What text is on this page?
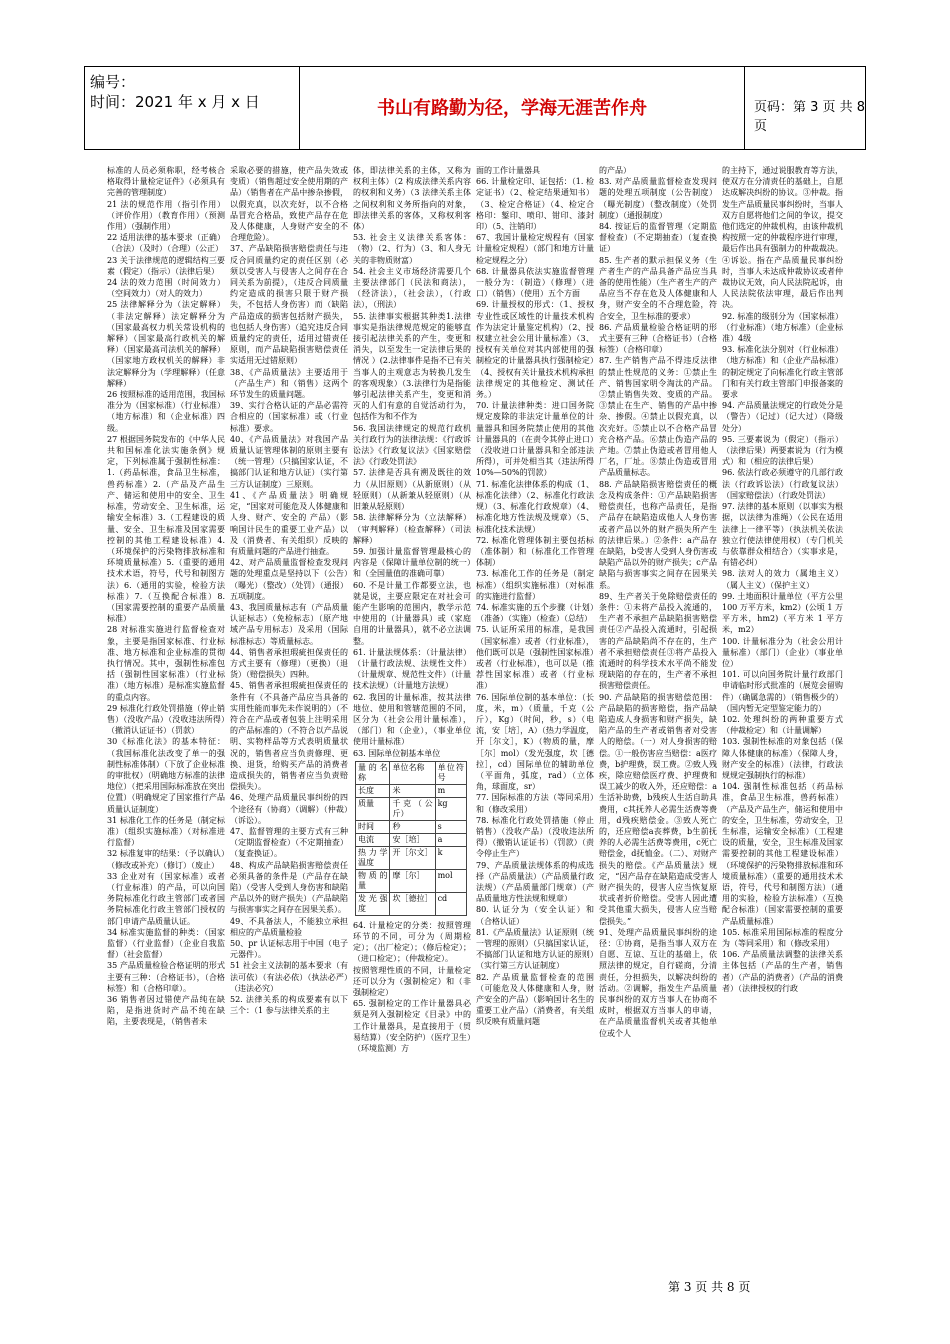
编号：

时间：2021 年 x 月 x 日	书山有路勤为径，学海无涯苦作舟	页码：第 3 页 共 8 页

标准的人员必须称职，经考核合格取得计量检定证件》（必须具有完善的管理制度）
21 法的规范作用（指引作用）（评价作用）（教育作用）（预测作用）（强制作用）
22 适用法律的基本要求（正确）（合法）（及时）（合理）（公正）
23 关于法律规范的逻辑结构三要素（假定）（指示）（法律后果）
24 法的效力范围（时间效力）（空间效力）（对人的效力）
25 法律解释分为（法定解释）（非法定解释）法定解释分为（国家最高权力机关常设机构的解释）（国家最高行政机关的解释）（国家最高司法机关的解释）（国家地方政权机关的解释）非法定解释分为（学理解释）（任意解释）
26 按照标准的适用范围，我国标准分为（国家标准）（行业标准）（地方标准）和（企业标准）四级。
27 根据国务院发布的《中华人民共和国标准化法实施条例》规定，下列标准属于强制性标准：1.（药品标准，食品卫生标准，兽药标准）2.（产品及产品生产、储运和使用中的安全、卫生标准，劳动安全、卫生标准，运输安全标准）3.（工程建设的质量、安全、卫生标准及国家需要控制的其他工程建设标准）4.（环境保护的污染物排放标准和环境质量标准）5.（重要的通用技术术语，符号，代号和制图方法）6.（通用的实验，检验方法标准）7.（互换配合标准）8.（国家需要控制的重要产品质量标准）
28 对标准实施进行监督检查对象，主要是指国家标准、行业标准、地方标准和企业标准的贯彻执行情况。其中，强制性标准包括（强制性国家标准）（行业标准）（地方标准）是标准实施监督的重点内容。
29 标准化行政处罚措施（停止销售）（没收产品）（没收违法所得）（撤消认证证书）（罚款）
30《标准化法》的基本特征：（我国标准化法改变了单一的强制性标准体制）（下放了企业标准的审批权）（明确地方标准的法律地位）（把采用国际标准放在突出位置）（明确规定了国家推行产品质量认证制度）
31 标准化工作的任务是（制定标准）（组织实施标准）（对标准进行监督）
32 标准复审的结果：（予以确认）（修改或补充）（修订）（废止）
33 企业对有（国家标准）或者（行业标准）的产品，可以向国务院标准化行政主管部门或者国务院标准化行政主管部门授权的部门申请产品质量认证。
34 标准实施监督的种类：（国家监督）（行业监督）（企业自我监督）（社会监督）
35 产品质量检验合格证明的形式主要有三种：（合格证书），（合格标签）和（合格印章）。
36 销售者因过错使产品纯在缺陷，是指进货时产品不纯在缺陷，主要表现是，（销售者未

采取必要的措施，使产品失效或变质）（销售超过安全使用期的产品）（销售者在产品中掺杂掺假，以假充真，以次充好，以不合格品冒充合格品，致使产品存在危及人体健康，人身财产安全的不合理危险）。
37、产品缺陷损害赔偿责任与违反合同质量约定的责任区别（必须以受害人与侵害人之间存在合同关系为前提），（违反合同质量约定造成的损害只限于财产损失，不包括人身伤害）而（缺陷产品造成的损害包括财产损失，也包括人身伤害）（追究违反合同质量约定的责任，适用过错责任原则，而产品缺陷损害赔偿责任实适用无过错原则）
38、《产品质量法》主要适用于（产品生产）和（销售）这两个环节发生的质量问题。
39、实行合格认证的产品必需符合相应的（国家标准）或（行业标准）要求。
40、《产品质量法》对我国产品质量认证管理体制的原则主要有（统一管理）（只搞国家认证，不搞部门认证和地方认证）（实行第三方认证制度）三原则。
41、《产品质量法》明确规定，“国家对可能危及人体健康和人身、财产、安全的 产品）（影响国计民生的重要工业产品）以及（消费者、有关组织）反映的有质量问题的产品进行抽查。
42、对产品质量监督检查发现问题的处理重点是坚持以下（公告）（曝光）（整改）（处罚）（通报）五项制度。
43、我国质量标志有（产品质量认证标志）（免检标志）（原产地域产品专用标志）及采用（国际标准标志）等质量标志。
44、销售者承担瑕疵担保责任的方式主要有（修理）（更换）（退货）（赔偿损失）四种。
45、销售者承担瑕疵担保责任的条件有（不具备产品应当具备的实用性能而事先未作说明的）（不符合在产品或者包装上注明采用的产品标准的）（不符合以产品说明、实物样品等方式表明质量状况的，销售者应当负责修理、更换、退货，给购买产品的消费者造成损失的，销售者应当负责赔偿损失）。
46、处理产品质量民事纠纷的四个途径有（协商）（调解）（仲裁）（诉讼）。
47、监督管理的主要方式有三种（定期监督检查）（不定期抽查）（复查换证）。
48、构成产品缺陷损害赔偿责任必须具备的条件是（产品存在缺陷）（受害人受到人身伤害和缺陷产品以外的财产损失）（产品缺陷与损害事实之间存在因果关系）。
49、不具备法人，不能独立承担相应的产品质量检验
50、pr 认证标志用于中国（电子元器件）。
51 社会主义法制的基本要求（有法可依）（有法必依）（执法必严）（违法必究）
52. 法律关系的构成要素有以下三个：（1 参与法律关系的主

体，即法律关系的主体，又称为权利主体）（2 构成法律关系内容的权利和义务）（3 法律关系主体之间权利和义务所指向的对象，即法律关系的客体，又称权利客体）
53. 社会主义法律关系客体：（物）（2、行为）（3、和人身无关的非物质财富）
54. 社会主义市场经济需要几个主要法律部门（民法和商法），（经济法），（社会法），（行政法），（刑法）
55. 法律事实根据其种类1.法律事实是指法律规范规定的能够直接引起法律关系的产生，变更和消失，以至发生一定法律后果的情况 ）(2.法律事件是指不已有关当事人的主观意志为转换几发生的客观现象）（3.法律行为是指能够引起法律关系产生，变更和消灭的人们有意的自觉活动行为，包括作为和不作为
56. 我国法律规定的规范行政机关行政行为的法律法规：《行政诉讼法》《行政复议法》《国家赔偿法》《行政处罚法》
57. 法律是否具有溯及既往的效力（从旧原则）（从新原则）（从轻原则）（从新兼从轻原则）（从旧兼从轻原则）
58. 法律解释分为（立法解释）（审判解释）（检查解释）（司法解释）
59. 加强计量监督管理最核心的内容是（保障计量单位制的统一）和（全国量值的准确可靠）
60. 不是计量工作都要立法，也就是说，主要应限定在对社会可能产生影响的范围内，教学示范中使用的（计量器具）或（家庭自用的计量器具），就不必立法调整。
61. 计量法规体系：（计量法律）（计量行政法规、法规性文件）（计量规章、规范性文件）（计量技术法规）（计量地方法规）
62. 我国的计量标准，按其法律地位、使用和管辖范围的不同，区分为（社会公用计量标准），（部门）和（企业），（事业单位使用计量标准）
63. 国际单位制基本单位

量的名称	单位名称	单位符号
长度	米	m
质量	千克（公斤）	kg
时间	秒	s
电流	安［培］	a
热力学温度	开［尔文］	k
物质的量	摩［尔］	mol
发光强度	坎［德拉］	cd

64. 计量检定的分类：按照管理环节的不同，可分为（周期检定）；（出厂检定）；（修后检定）；（进口检定）；（仲裁检定）。
按照管理性质的不同，计量检定还可以分为（强制检定）和（非强制检定）
65. 强制检定的工作计量器具必须是列入强制检定《目录》中的工作计量器具，是直接用于（贸易结算）（安全防护）（医疗卫生）（环境监测）方

面的工作计量器具
66. 计量检定印、证包括：（1. 检定证书）（2、检定结果通知书）（3、检定合格证）（4、检定合格印：錾印、喷印、钳印、漆封印）（5、注销印）
67、我国计量检定规程有（国家计量检定规程）（部门和地方计量检定规程之分）
68. 计量器具依法实施监督管理一般分为：（制造）（修理）（进口）（销售）（使用）五个方面
69. 计量授权的形式：（1、授权专业性或区域性的计量技术机构作为法定计量鉴定机构）（2、授权建立社会公用计量标准）（3、授权有关单位对其内部使用的强制检定的计量器具执行强制检定）（4、授权有关计量技术机构承担法律规定的其他检定、测试任务。）
70. 计量法律种类：进口国务院规定废除的非法定计量单位的计量器具和国务院禁止使用的其他计量器具的（在责令其停止进口）（没收进口计量器具和全部违法所得），可并处相当其（违法所得 10%—50%的罚款）
71. 标准化法律体系的构成（1、标准化法律）（2、标准化行政法规）（3、标准化行政规章）（4、标准化地方性法规及规章）（5、标准化技术法规）
72. 标准化管理体制主要包括标（准体制）和（标准化工作管理体制）
73. 标准化工作的任务是（制定标准）（组织实施标准）（对标准的实施进行监督）
74. 标准实施的五个步骤（计划）（准备）（实施）（检查）（总结）
75. 认证所采用的标准，是我国（国家标准）或者（行业标准），他们既可以是（强制性国家标准）或者（行业标准），也可以是（推荐性国家标准）或者（行业标准）
76. 国际单位制的基本单位：（长度，米，m）（质量，千克（公斤），Kg）（时间，秒，s）（电流，安［培］，A）（热力学温度，开［尔文］，K）（物质的量，摩［尔］mol）（发光强度，坎［德拉］，cd）国际单位的辅助单位（平面角，弧度，rad）（立体角，球面度，sr）
77. 国际标准的方法（等同采用）和（修改采用）
78. 标准化行政处罚措施（停止销售）（没收产品）（没收违法所得）（撤销认证证书）（罚款）（责令停止生产）
79、产品质量法规体系的构成选择（产品质量法）（产品质量行政法规）（产品质量部门规章）（产品质量地方性法规和规章）
80. 认证分为（安全认证）和（合格认证）
81.《产品质量法》认证原则（统一管理的原则）（只搞国家认证，不搞部门认证和地方认证的原则）（实行第三方认证制度）
82. 产品质量监督检查的范围（可能危及人体健康和人身，财产安全的产品）（影响国计名生的重要工业产品）（消费者，有关组织反映有质量问题

的产品）
83. 对产品质量监督检查发现问题的处理五项制度（公告制度）（曝光制度）（整改制度）（处罚制度）（通报制度）
84. 按证后的监督管理（定期监督检查）（不定期抽查）（复查换证）
85. 生产者的默示担保义务（生产者生产的产品具备产品应当具备的使用性能）（生产者生产的产品应当不存在危及人体健康和人身，财产安全的不合理危险，符合安全，卫生标准的要求）
86. 产品质量检验合格证明的形式主要有三种（合格证书）（合格标签）（合格印章）
87. 生产销售产品不得违反法律的禁止性规范的义务：①禁止生产、销售国家明令淘汰的产品。②禁止销售失效、变质的产品。③禁止在生产、销售的产品中掺杂、掺假。④禁止以假充真，以次充好。⑤禁止以不合格产品冒充合格产品。⑥禁止伪造产品的产地。⑦禁止伪造或者冒用他人厂名，厂址。⑧禁止伪造或冒用产品质量标志。
88. 产品缺陷损害赔偿责任的概念及构成条件：①产品缺陷损害赔偿责任，也称产品责任，是指产品存在缺陷造成他人人身伤害或者产品以外的财产损失所产生的法律后果。）②条件：a产品存在缺陷，b受害人受到人身伤害或缺陷产品以外的财产损失；c产品缺陷与损害事实之间存在因果关系。
89、生产者关于免除赔偿责任的条件：①未将产品投入流通的，生产者不承担产品缺陷损害赔偿责任②产品投入流通时，引起损害的产品缺陷尚不存在的，生产者不承担赔偿责任③将产品投入流通时的科学技术水平尚不能发现缺陷的存在的，生产者不承担损害赔偿责任。
90. 产品缺陷的损害赔偿范围：产品缺陷的损害赔偿，指产品缺陷造成人身损害和财产损失，缺陷产品的生产者或销售者对受害人的赔偿。（一）对人身损害的赔偿。①一般伤害应当赔偿：a医疗费，b护理费，误工费。②致人残疾，除应赔偿医疗费、护理费和误工减少的收入外，还应赔偿：a生活补助费，b残疾人生活自助具费用，c其抚养人必需生活费等费用，d残疾赔偿金。③致人死亡的，还应赔偿a丧葬费，b生前抚养的人必需生活费等费用，c死亡赔偿金，d抚恤金。（二）、对财产损失的赔偿。《产品质量法》规定，“因产品存在缺陷造成受害人财产损失的，侵害人应当恢复原状或者折价赔偿。受害人因此遭受其他重大损失，侵害人应当赔偿损失。”
91、处理产品质量民事纠纷的途径：①协商，是指当事人双方在自愿、互谅、互让的基础上，依照法律的规定，自行磋商，分清责任，分担损失，以解决纠纷的活动。②调解，指发生产品质量民事纠纷的双方当事人在协商不成时，根据双方当事人的申请，在产品质量监督机关或者其他单位或个人

第 3 页 共 8 页

的主持下，通过说服教育等方法，使双方在分清责任的基础上，自愿达成解决纠纷的协议。③仲裁。指发生产品质量民事纠纷时，当事人双方自愿将他们之间的争议，提交他们选定的仲裁机构，由该仲裁机构按照一定的仲裁程序进行审理，最后作出具有强制力的仲裁裁决。④诉讼。指在产品质量民事纠纷时，当事人未达成仲裁协议或者仲裁协议无效，向人民法院起诉，由人民法院依法审理，最后作出判决。
92. 标准的级别分为（国家标准）（行业标准）（地方标准）（企业标准）4级
93. 标准化法分别对（行业标准）（地方标准）和（企业产品标准）的制定规定了向标准化行政主管部门和有关行政主管部门申报备案的要求
94. 产品质量法规定的行政处分是（警告）（记过）（记大过）（降级处分）
95. 三要素说为（假定）（指示）（法律后果）两要素说为（行为模式）和（相应的法律后果）
96. 依法行政必须遵守的几部行政法（行政诉讼法）（行政复议法）（国家赔偿法）（行政处罚法）
97. 法律的基本原则（以事实为根据，以法律为准绳）（公民在适用法律上一律平等）（执法机关依法独立行使法律使用权）（专门机关与依靠群众相结合）（实事求是，有错必纠）
98. 法对人的效力（属地主义）（属人主义）（保护主义）
99. 土地面积计量单位（平方公里 100 万平方米，km2）(公顷 1 万平方米，hm2)（平方米 1 平方米，m2）
100. 计量标准分为（社会公用计量标准）（部门）（企业）（事业单位）
101. 可以向国务院计量行政部门申请临时形式批准的（展览会留购件）（确属急需的）（销售极少的）（国内暂无定型鉴定能力的）
102. 处理纠纷的两种重要方式（仲裁检定）和（计量调解）
103. 强制性标准的对象包括（保障人体健康的标准）（保障人身，财产安全的标准）（法律，行政法规规定强制执行的标准）
104. 强制性标准包括（药品标准，食品卫生标准，兽药标准）（产品及产品生产，储运和使用中的安全，卫生标准，劳动安全，卫生标准，运输安全标准）（工程建设的质量，安全，卫生标准及国家需要控制的其他工程建设标准）（环境保护的污染物排放标准和环境质量标准）（重要的通用技术术语，符号，代号和制图方法）（通用的实验，检验方法标准）（互换配合标准）（国家需要控制的重要产品质量标准）
105. 标准采用国际标准的程度分为（等同采用）和（修改采用）
106. 产品质量法调整的法律关系主体包括（产品的生产者，销售者）（产品的消费者）（产品的消费者）（法律授权的行政
